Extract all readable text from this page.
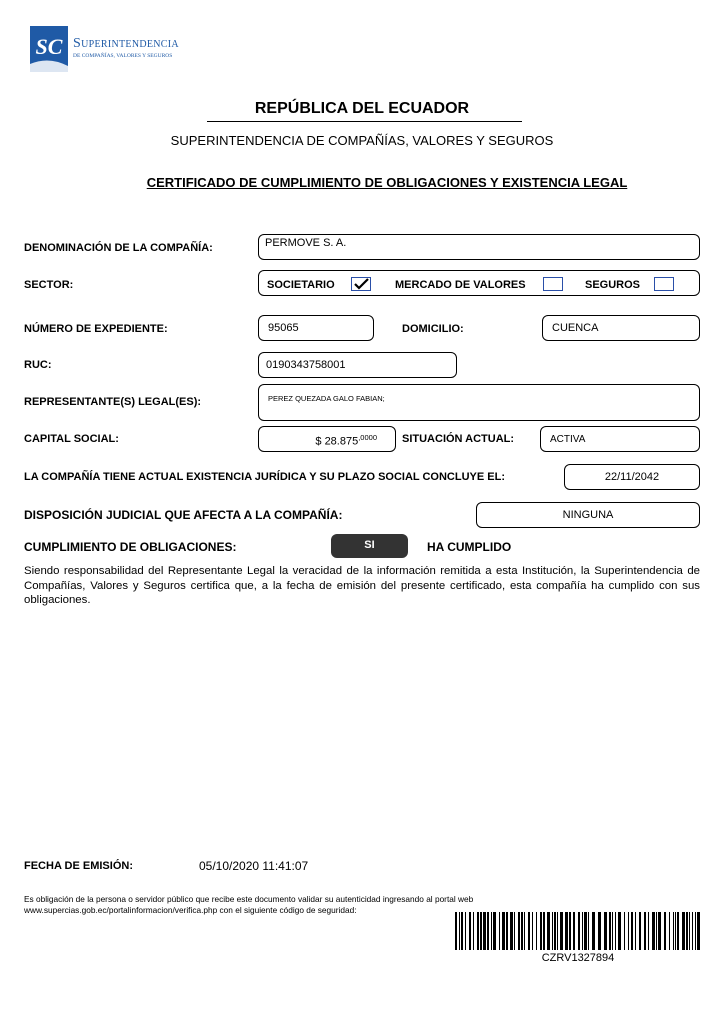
SC Superintendencia
DE COMPAÑÍAS, VALORES Y SEGUROS
REPÚBLICA DEL ECUADOR
SUPERINTENDENCIA DE COMPAÑÍAS, VALORES Y SEGUROS
CERTIFICADO DE CUMPLIMIENTO DE OBLIGACIONES Y EXISTENCIA LEGAL
DENOMINACIÓN DE LA COMPAÑÍA:	PERMOVE S. A.
SECTOR:	SOCIETARIO	MERCADO DE VALORES	SEGUROS
NÚMERO DE EXPEDIENTE:	95065	DOMICILIO:	CUENCA
RUC:	0190343758001
REPRESENTANTE(S) LEGAL(ES):	PEREZ QUEZADA GALO FABIAN;
CAPITAL SOCIAL:	$ $28.875^{,0000}$ SITUACIÓN ACTUAL:	ACTIVA
LA COMPAÑÍA TIENE ACTUAL EXISTENCIA JURÍDICA Y SU PLAZO SOCIAL CONCLUYE EL:	22/11/2042
DISPOSICIÓN JUDICIAL QUE AFECTA A LA COMPAÑÍA:	NINGUNA
CUMPLIMIENTO DE OBLIGACIONES:	SI	HA CUMPLIDO
Siendo responsabilidad del Representante Legal la veracidad de la información remitida a esta Institución, la Superintendencia de Compañías, Valores y Seguros certifica que, a la fecha de emisión del presente certificado, esta compañía ha cumplido con sus obligaciones.
FECHA DE EMISIÓN:	05/10/2020 11:41:07
Es obligación de la persona o servidor público que recibe este documento validar su autenticidad ingresando al portal web
www.supercias.gob.ec/portalinformacion/verifica.php con el siguiente código de seguridad:
CZRV1327894
